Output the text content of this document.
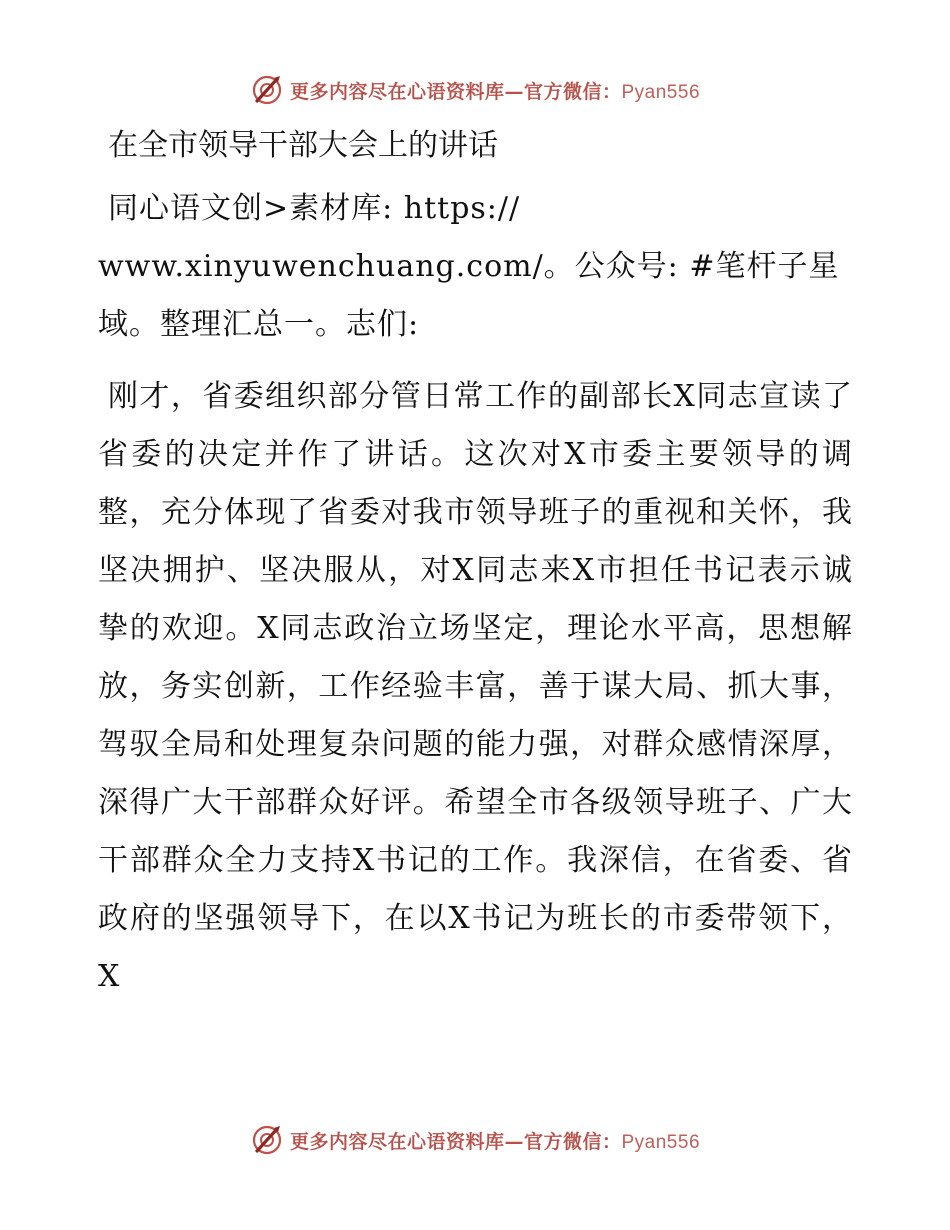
更多内容尽在心语资料库—官方微信：Pyan556
在全市领导干部大会上的讲话

同心语文创>素材库: https:// www.xinyuwenchuang.com/。公众号: #笔杆子星域。整理汇总一。志们:

刚才，省委组织部分管日常工作的副部长X同志宣读了省委的决定并作了讲话。这次对X市委主要领导的调整，充分体现了省委对我市领导班子的重视和关怀，我坚决拥护、坚决服从，对X同志来X市担任书记表示诚挚的欢迎。X同志政治立场坚定，理论水平高，思想解放，务实创新，工作经验丰富，善于谋大局、抓大事，驾驭全局和处理复杂问题的能力强，对群众感情深厚，深得广大干部群众好评。希望全市各级领导班子、广大干部群众全力支持X书记的工作。我深信，在省委、省政府的坚强领导下，在以X书记为班长的市委带领下，X

更多内容尽在心语资料库—官方微信：Pyan556
